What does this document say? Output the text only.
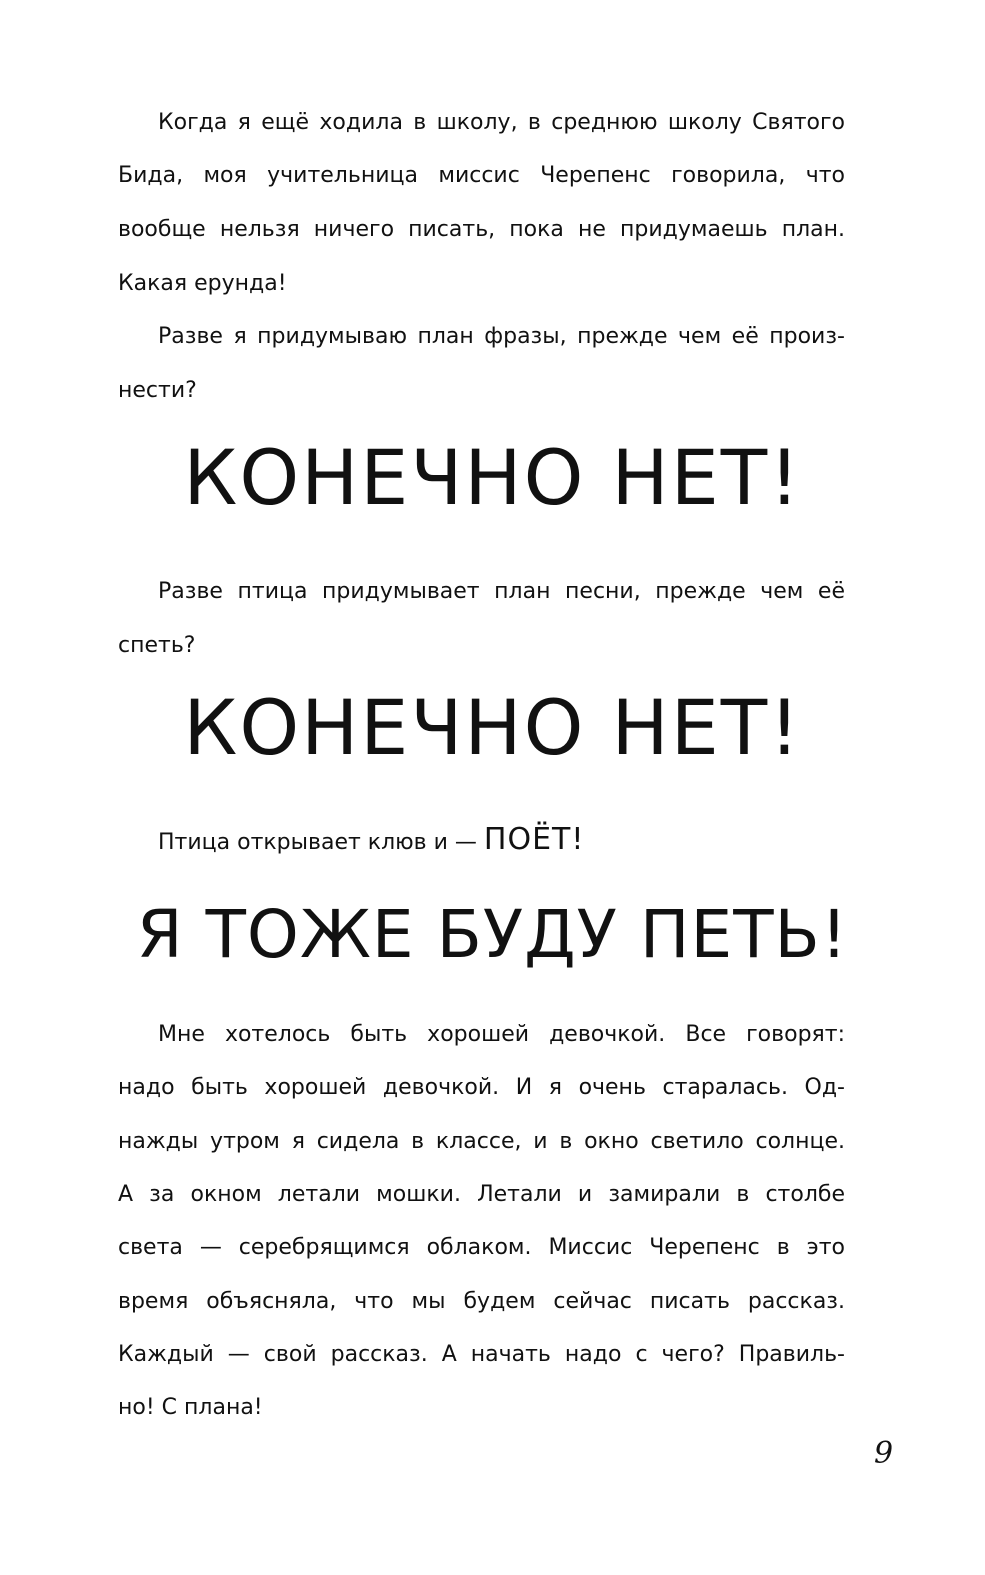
Когда я ещё ходила в школу, в среднюю школу Святого
Бида, моя учительница миссис Черепенс говорила, что
вообще нельзя ничего писать, пока не придумаешь план.
Какая ерунда!
Разве я придумываю план фразы, прежде чем её произ-
нести?
КОНЕЧНО НЕТ!
Разве птица придумывает план песни, прежде чем её
спеть?
КОНЕЧНО НЕТ!
Птица открывает клюв и — ПОЁТ!
Я ТОЖЕ БУДУ ПЕТЬ!
Мне хотелось быть хорошей девочкой. Все говорят:
надо быть хорошей девочкой. И я очень старалась. Од-
нажды утром я сидела в классе, и в окно светило солнце.
А за окном летали мошки. Летали и замирали в столбе
света — серебрящимся облаком. Миссис Черепенс в это
время объясняла, что мы будем сейчас писать рассказ.
Каждый — свой рассказ. А начать надо с чего? Правиль-
но! С плана!
9
